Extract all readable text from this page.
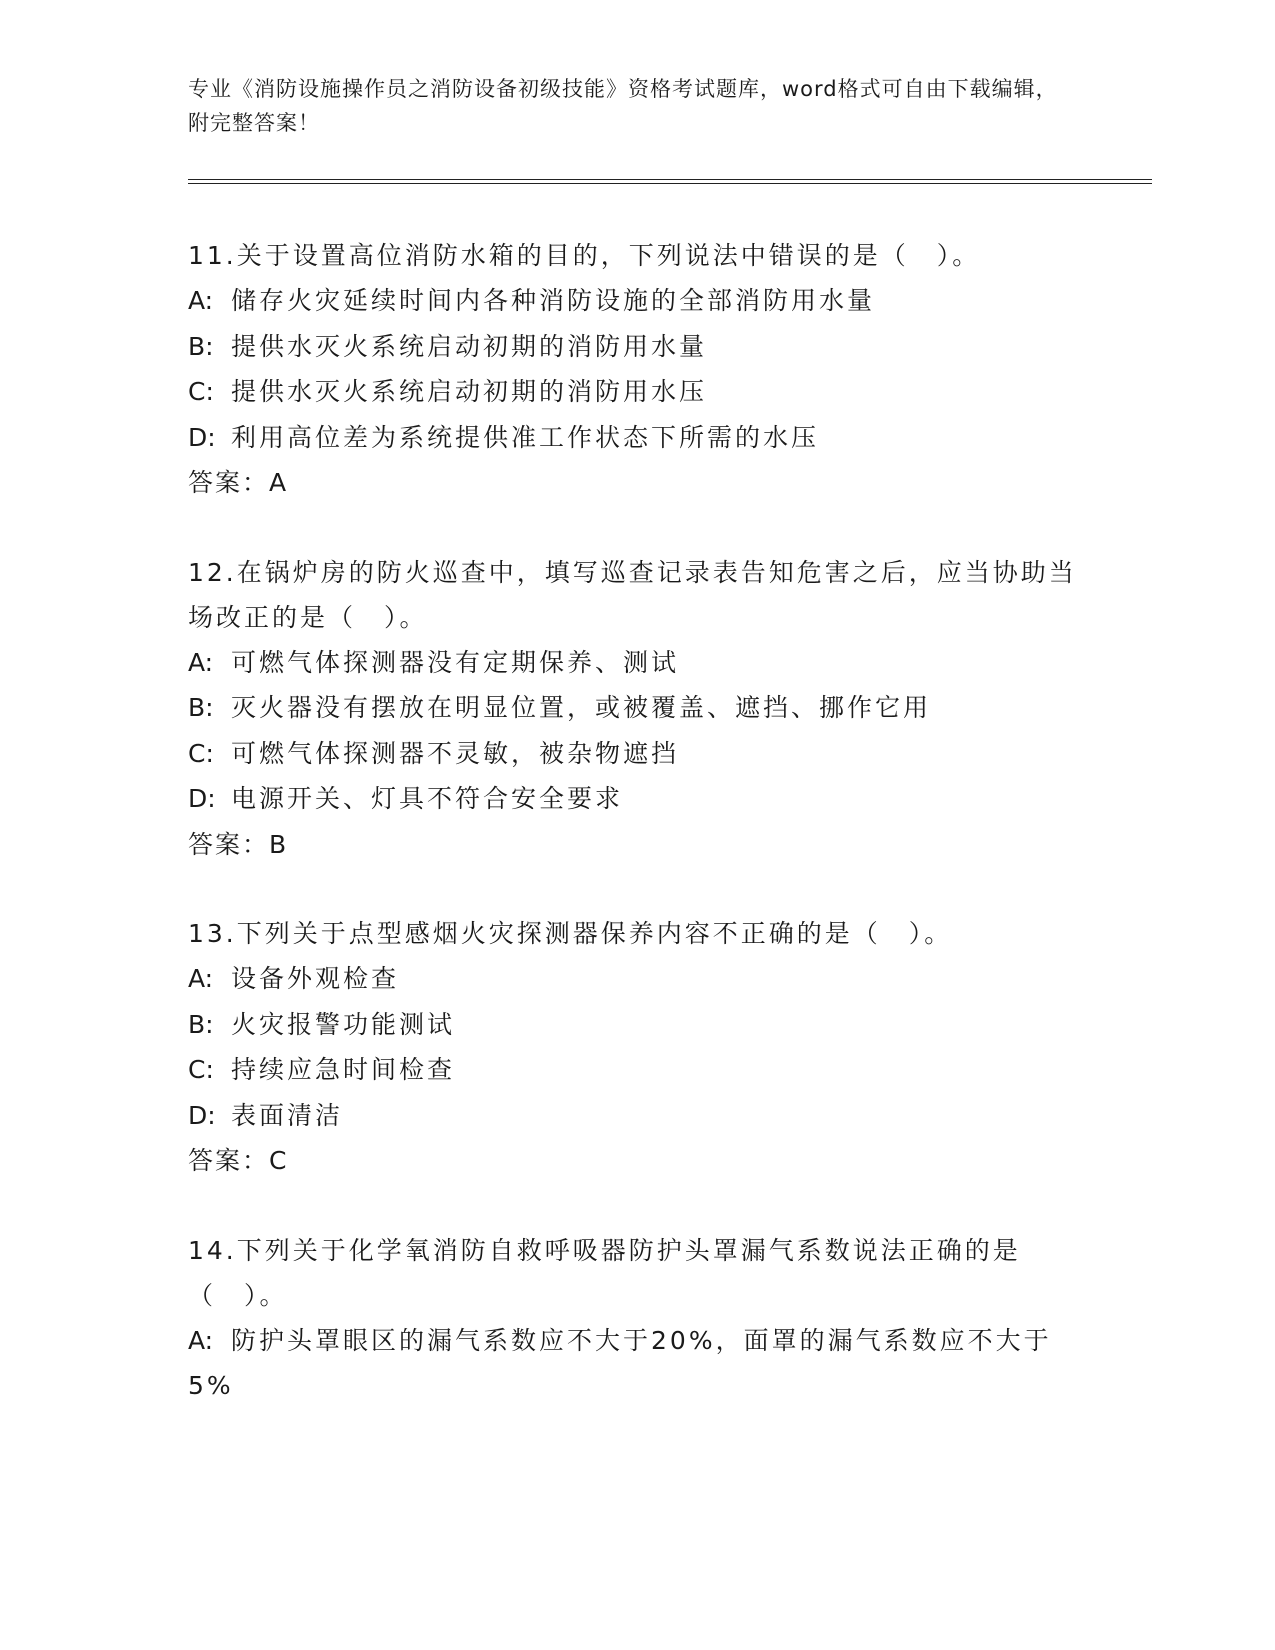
专业《消防设施操作员之消防设备初级技能》资格考试题库，word格式可自由下载编辑，附完整答案！
11.关于设置高位消防水箱的目的，下列说法中错误的是（　）。
A: 储存火灾延续时间内各种消防设施的全部消防用水量
B: 提供水灭火系统启动初期的消防用水量
C: 提供水灭火系统启动初期的消防用水压
D: 利用高位差为系统提供准工作状态下所需的水压
答案：A
12.在锅炉房的防火巡查中，填写巡查记录表告知危害之后，应当协助当场改正的是（　）。
A: 可燃气体探测器没有定期保养、测试
B: 灭火器没有摆放在明显位置，或被覆盖、遮挡、挪作它用
C: 可燃气体探测器不灵敏，被杂物遮挡
D: 电源开关、灯具不符合安全要求
答案：B
13.下列关于点型感烟火灾探测器保养内容不正确的是（　）。
A: 设备外观检查
B: 火灾报警功能测试
C: 持续应急时间检查
D: 表面清洁
答案：C
14.下列关于化学氧消防自救呼吸器防护头罩漏气系数说法正确的是（　）。
A: 防护头罩眼区的漏气系数应不大于20%，面罩的漏气系数应不大于5%
